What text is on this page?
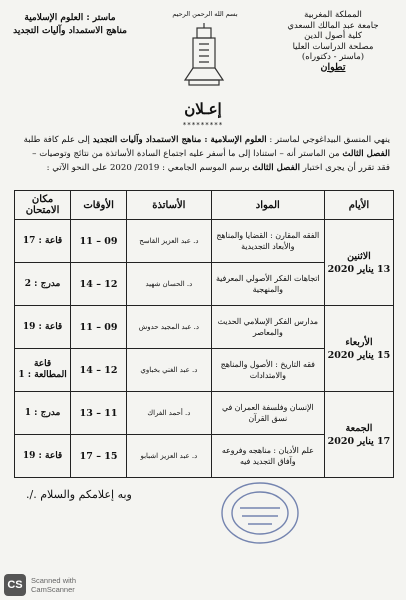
المملكة المغربية
جامعة عبد المالك السعدي
كلية أصول الدين
مصلحة الدراسات العليا
(ماستر - دكتوراه)
تطوان
بسم الله الرحمن الرحيم
ماستر : العلوم الإسلامية
مناهج الاستمداد وآليات التجديد
إعـلان
*********
ينهي المنسق البيداغوجي لماستر : العلوم الإسلامية : مناهج الاستمداد وآليات التجديد إلى علم كافة طلبة الفصل الثالث من الماستر أنه – استنادا إلى ما أسفر عليه اجتماع السادة الأساتذة من نتائج وتوصيات – فقد تقرر أن يجرى اختبار الفصل الثالث برسم الموسم الجامعي : 2019/ 2020 على النحو الآتي :
الأيام	المواد	الأساتذة	الأوقات	مكان الامتحان

الاثنين
13 يناير 2020	الفقه المقارن : القضايا والمناهج والأبعاد التجديدية	د. عبد العزيز القاسح	09 – 11	قاعة : 17
	اتجاهات الفكر الأصولي المعرفية والمنهجية	د. الحسان شهيد	12 – 14	مدرج : 2

الأربعاء
15 يناير 2020	مدارس الفكر الإسلامي الحديث والمعاصر	د. عبد المجيد حدوش	09 – 11	قاعة : 19
	فقه التاريخ : الأصول والمناهج والامتدادات	د. عبد الغني بخباوي	12 – 14	قاعة المطالعة : 1

الجمعة
17 يناير 2020	الإنسان وفلسفة العمران في نسق القرآن	د. أحمد الفراك	11 – 13	مدرج : 1
	علم الأديان : مناهجه وفروعه وآفاق التجديد فيه	د. عبد العزيز اشبابو	15 – 17	قاعة : 19
وبه إعلامكم والسلام ./.
CS	Scanned with
CamScanner
